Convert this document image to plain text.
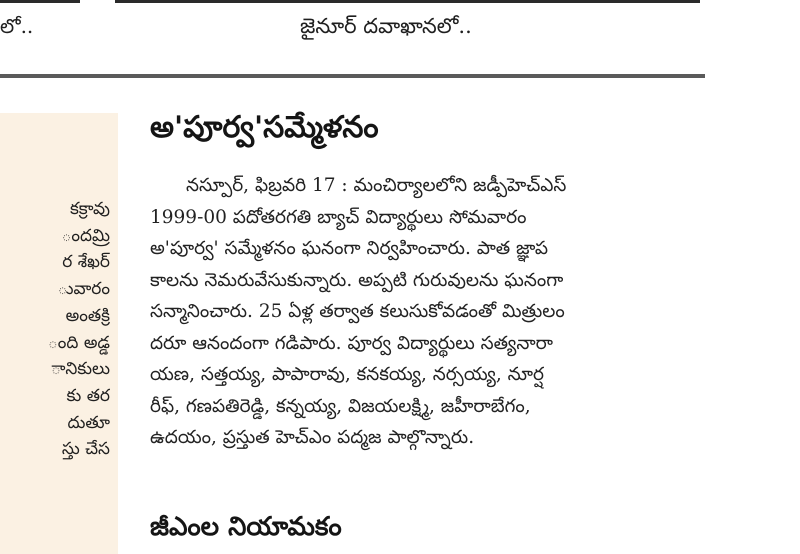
లో..	జైనూర్ దవాఖానలో..
కక్రావు
ందమ్రి
ర శేఖర్
ువారం
అంతక్రి
ంది అడ్డ
ానికులు
కు తర
దుతూ
స్తు చేస
అ'పూర్వ'సమ్మేళనం
నస్పూర్, ఫిబ్రవరి 17 : మంచిర్యాలలోని జడ్పీహెచ్ఎస్
1999-00 పదోతరగతి బ్యాచ్ విద్యార్థులు సోమవారం
అ'పూర్వ' సమ్మేళనం ఘనంగా నిర్వహించారు. పాత జ్ఞాప
కాలను నెమరువేసుకున్నారు. అప్పటి గురువులను ఘనంగా
సన్మానించారు. 25 ఏళ్ల తర్వాత కలుసుకోవడంతో మిత్రులం
దరూ ఆనందంగా గడిపారు. పూర్వ విద్యార్థులు సత్యనారా
యణ, సత్తయ్య, పాపారావు, కనకయ్య, నర్సయ్య, నూర్ష
రీఫ్, గణపతిరెడ్డి, కన్నయ్య, విజయలక్ష్మి, జహీరాబేగం,
ఉదయం, ప్రస్తుత హెచ్ఎం పద్మజ పాల్గొన్నారు.
జీఎంల నియామకం
